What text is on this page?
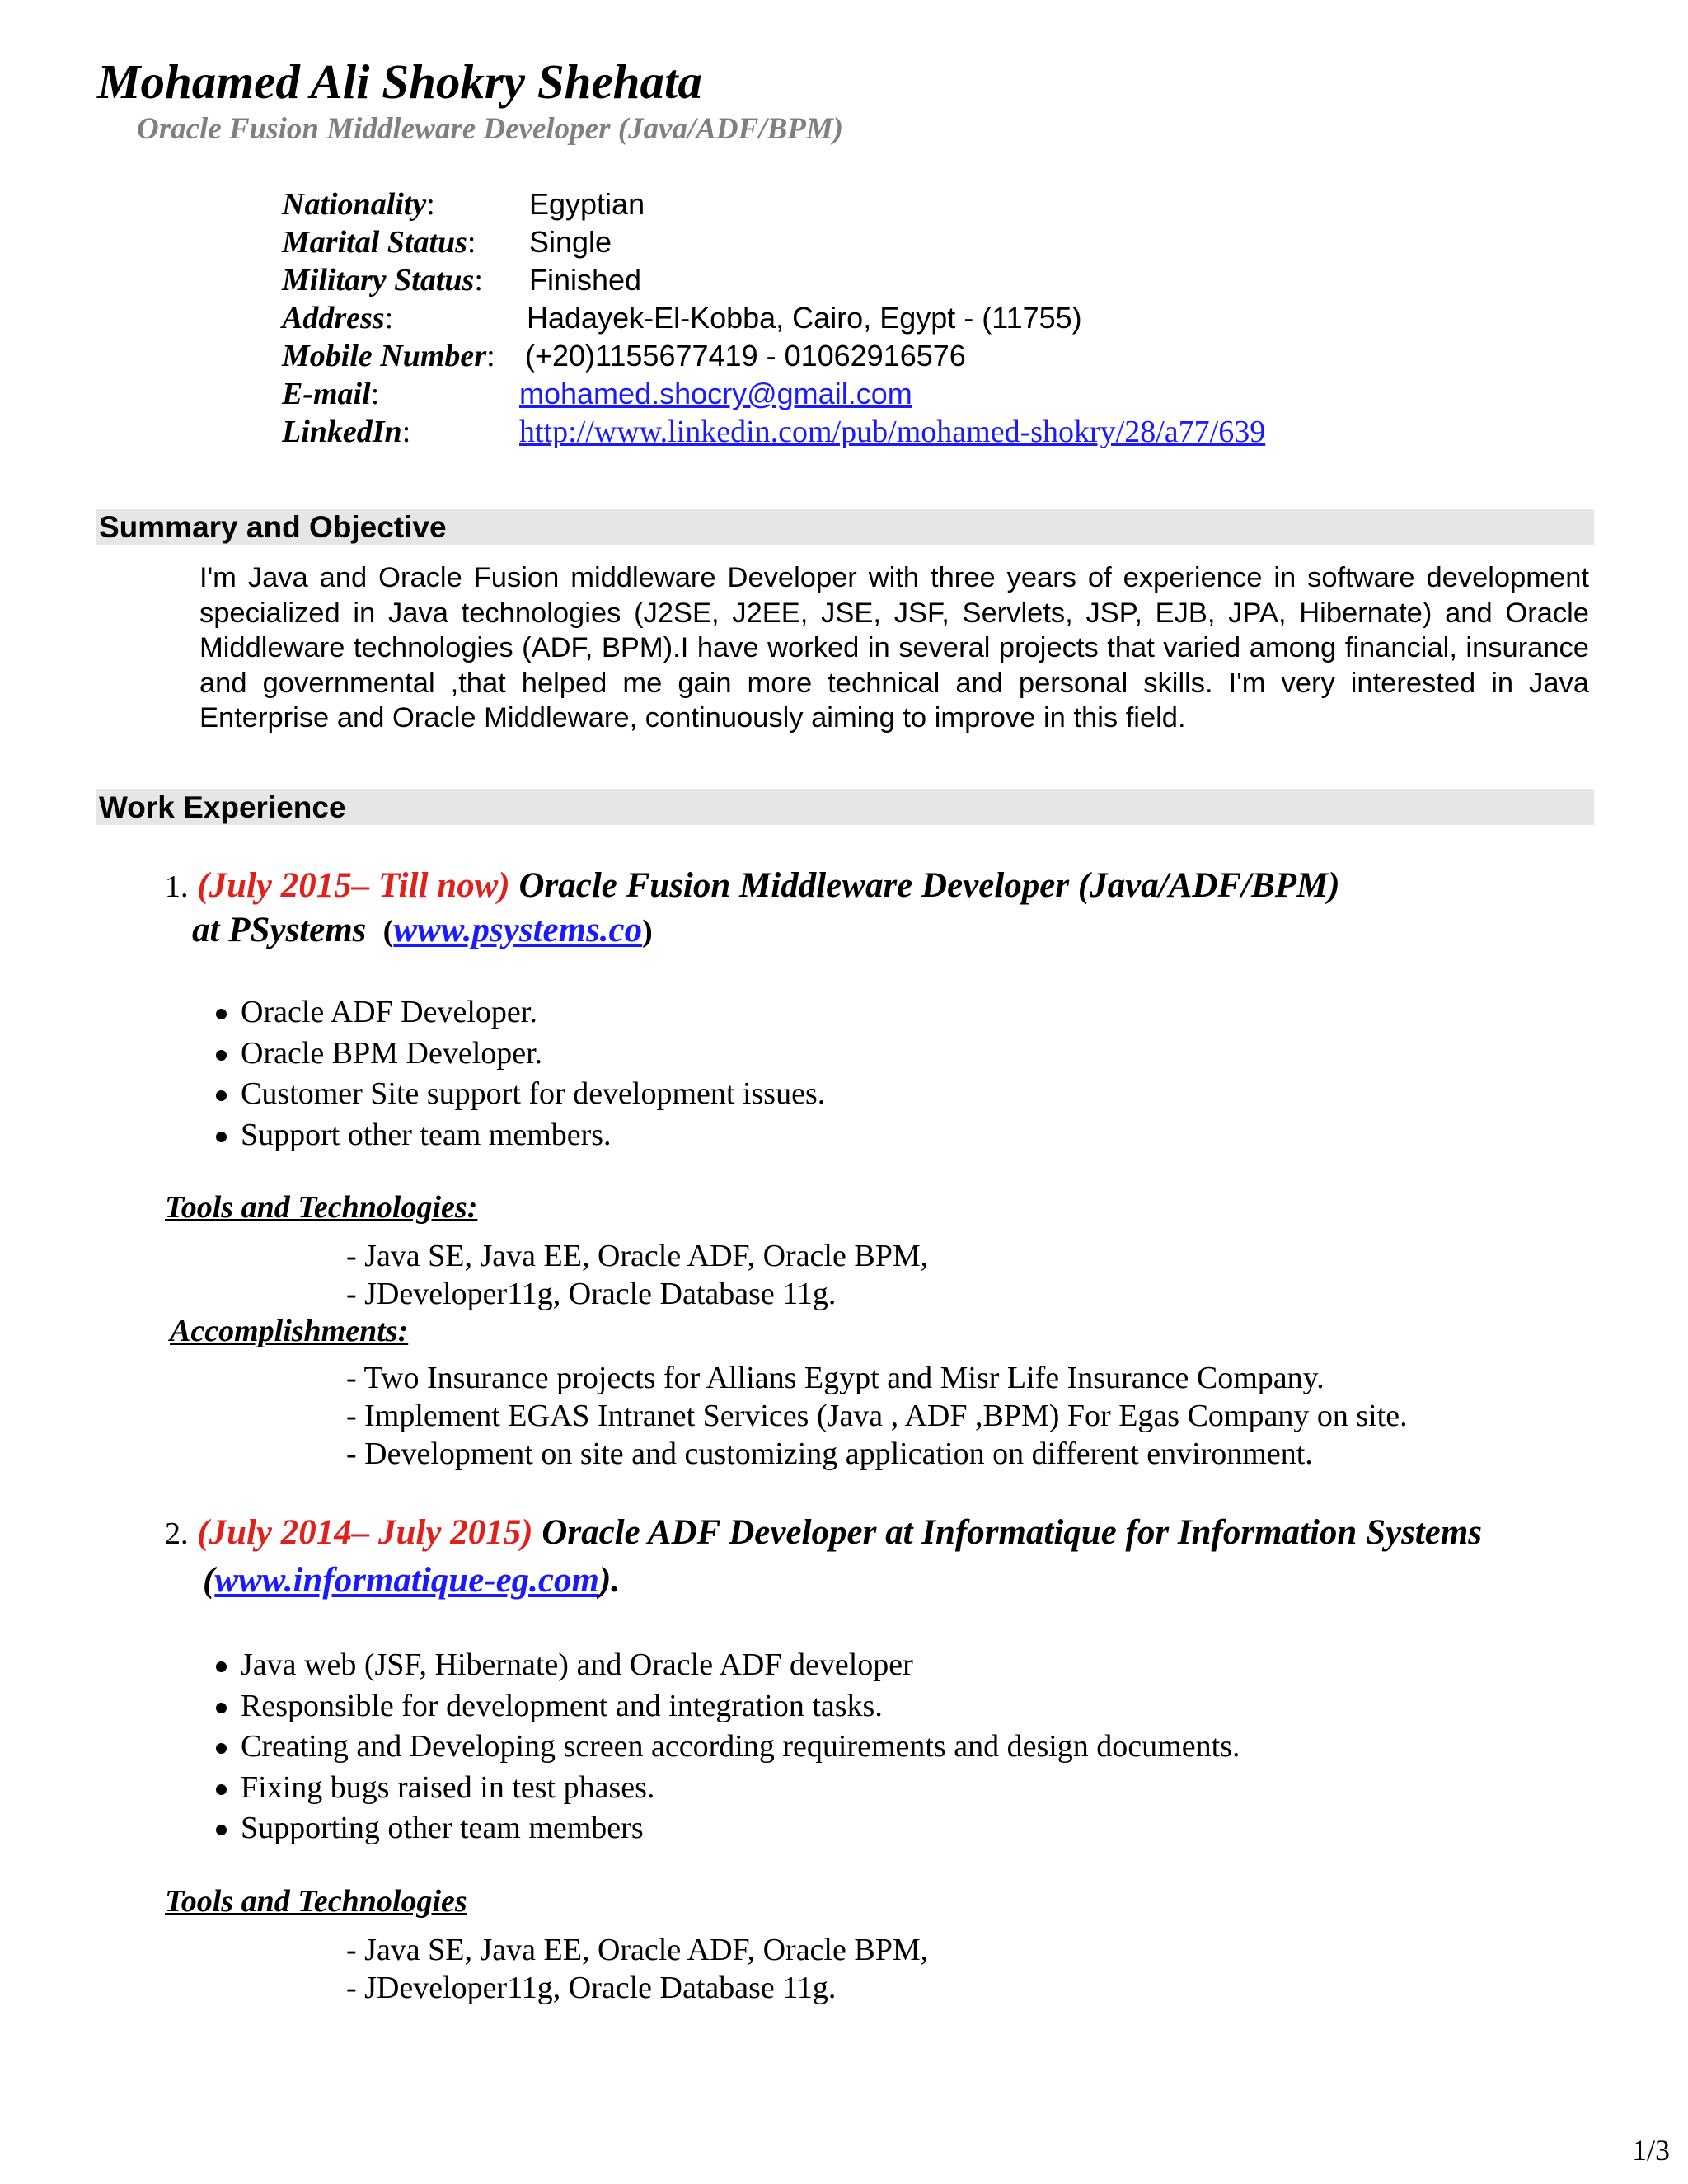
Mohamed Ali Shokry Shehata
Oracle Fusion Middleware Developer (Java/ADF/BPM)
Nationality:	Egyptian
Marital Status: Single
Military Status: Finished
Address:	Hadayek-El-Kobba, Cairo, Egypt - (11755)
Mobile Number: (+20)1155677419 - 01062916576
E-mail:	mohamed.shocry@gmail.com
LinkedIn:	http://www.linkedin.com/pub/mohamed-shokry/28/a77/639
Summary and Objective
I'm Java and Oracle Fusion middleware Developer with three years of experience in software development specialized in Java technologies (J2SE, J2EE, JSE, JSF, Servlets, JSP, EJB, JPA, Hibernate) and Oracle Middleware technologies (ADF, BPM).I have worked in several projects that varied among financial, insurance and governmental ,that helped me gain more technical and personal skills. I'm very interested in Java Enterprise and Oracle Middleware, continuously aiming to improve in this field.
Work Experience
1. (July 2015– Till now) Oracle Fusion Middleware Developer (Java/ADF/BPM)
at PSystems  (www.psystems.co)
Oracle ADF Developer.
Oracle BPM Developer.
Customer Site support for development issues.
Support other team members.
Tools and Technologies:
- Java SE, Java EE, Oracle ADF, Oracle BPM,
- JDeveloper11g, Oracle Database 11g.
Accomplishments:
- Two Insurance projects for Allians Egypt and Misr Life Insurance Company.
- Implement EGAS Intranet Services (Java , ADF ,BPM) For Egas Company on site.
- Development on site and customizing application on different environment.
2. (July 2014– July 2015) Oracle ADF Developer at Informatique for Information Systems
(www.informatique-eg.com).
Java web (JSF, Hibernate) and Oracle ADF developer
Responsible for development and integration tasks.
Creating and Developing screen according requirements and design documents.
Fixing bugs raised in test phases.
Supporting other team members
Tools and Technologies
- Java SE, Java EE, Oracle ADF, Oracle BPM,
- JDeveloper11g, Oracle Database 11g.
1/3
